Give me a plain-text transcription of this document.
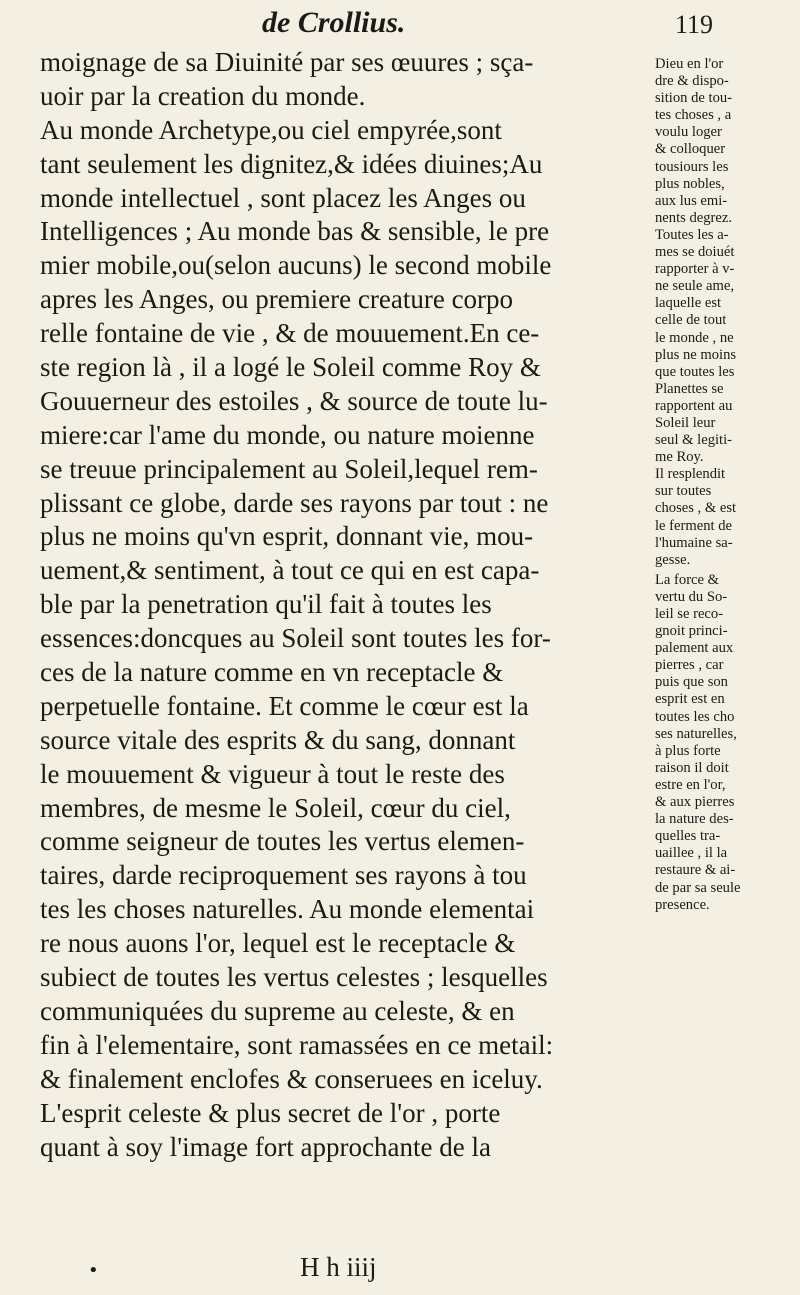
de Crollius.	119
moignage de sa Diuinité par ses œuures ; sça-
uoir par la creation du monde.
Au monde Archetype,ou ciel empyrée,sont
tant seulement les dignitez,& idées diuines;Au
monde intellectuel , sont placez les Anges ou
Intelligences ; Au monde bas & sensible, le pre
mier mobile,ou(selon aucuns) le second mobile
apres les Anges, ou premiere creature corpo
relle fontaine de vie , & de mouuement.En ce-
ste region là , il a logé le Soleil comme Roy &
Gouuerneur des estoiles , & source de toute lu-
miere:car l'ame du monde, ou nature moienne
se treuue principalement au Soleil,lequel rem-
plissant ce globe, darde ses rayons par tout : ne
plus ne moins qu'vn esprit, donnant vie, mou-
uement,& sentiment, à tout ce qui en est capa-
ble par la penetration qu'il fait à toutes les
essences:doncques au Soleil sont toutes les for-
ces de la nature comme en vn receptacle &
perpetuelle fontaine. Et comme le cœur est la
source vitale des esprits & du sang, donnant
le mouuement & vigueur à tout le reste des
membres, de mesme le Soleil, cœur du ciel,
comme seigneur de toutes les vertus elemen-
taires, darde reciproquement ses rayons à tou
tes les choses naturelles. Au monde elementai
re nous auons l'or, lequel est le receptacle &
subiect de toutes les vertus celestes ; lesquelles
communiquées du supreme au celeste, & en
fin à l'elementaire, sont ramassées en ce metail:
& finalement enclofes & conseruees en iceluy.
L'esprit celeste & plus secret de l'or , porte
quant à soy l'image fort approchante de la
Dieu en l'or
dre & dispo-
sition de tou-
tes choses , a
voulu loger
& colloquer
tousiours les
plus nobles,
aux lus emi-
nents degrez.
Toutes les a-
mes se doiuét
rapporter à v-
ne seule ame,
laquelle est
celle de tout
le monde , ne
plus ne moins
que toutes les
Planettes se
rapportent au
Soleil leur
seul & legiti-
me Roy.
Il resplendit
sur toutes
choses , & est
le ferment de
l'humaine sa-
gesse.
La force &
vertu du So-
leil se reco-
gnoit princi-
palement aux
pierres , car
puis que son
esprit est en
toutes les cho
ses naturelles,
à plus forte
raison il doit
estre en l'or,
& aux pierres
la nature des-
quelles tra-
uaillee , il la
restaure & ai-
de par sa seule
presence.
•	H h iiij
